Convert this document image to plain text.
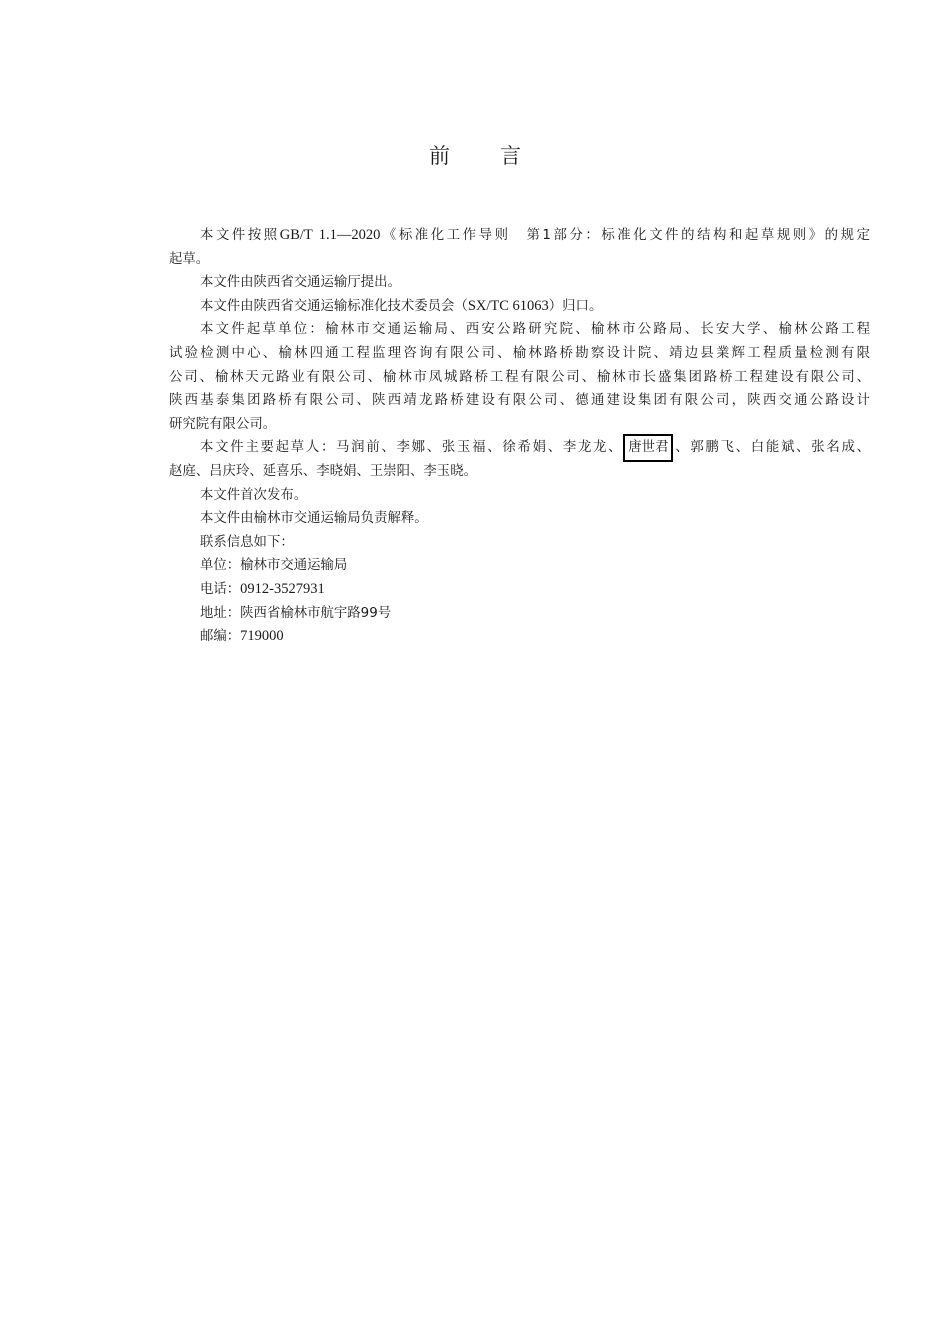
前 言
本文件按照GB/T 1.1—2020《标准化工作导则　第1部分：标准化文件的结构和起草规则》的规定
起草。
本文件由陕西省交通运输厅提出。
本文件由陕西省交通运输标准化技术委员会（SX/TC 61063）归口。
本文件起草单位：榆林市交通运输局、西安公路研究院、榆林市公路局、长安大学、榆林公路工程
试验检测中心、榆林四通工程监理咨询有限公司、榆林路桥勘察设计院、靖边县業辉工程质量检测有限
公司、榆林天元路业有限公司、榆林市凤城路桥工程有限公司、榆林市长盛集团路桥工程建设有限公司、
陕西基泰集团路桥有限公司、陕西靖龙路桥建设有限公司、德通建设集团有限公司，陕西交通公路设计
研究院有限公司。
本文件主要起草人：马润前、李娜、张玉福、徐希娟、李龙龙、 唐世君 、郭鹏飞、白能斌、张名成、
赵庭、吕庆玲、延喜乐、李晓娟、王崇阳、李玉晓。
本文件首次发布。
本文件由榆林市交通运输局负责解释。
联系信息如下：
单位：榆林市交通运输局
电话：0912-3527931
地址：陕西省榆林市航宇路99号
邮编：719000
